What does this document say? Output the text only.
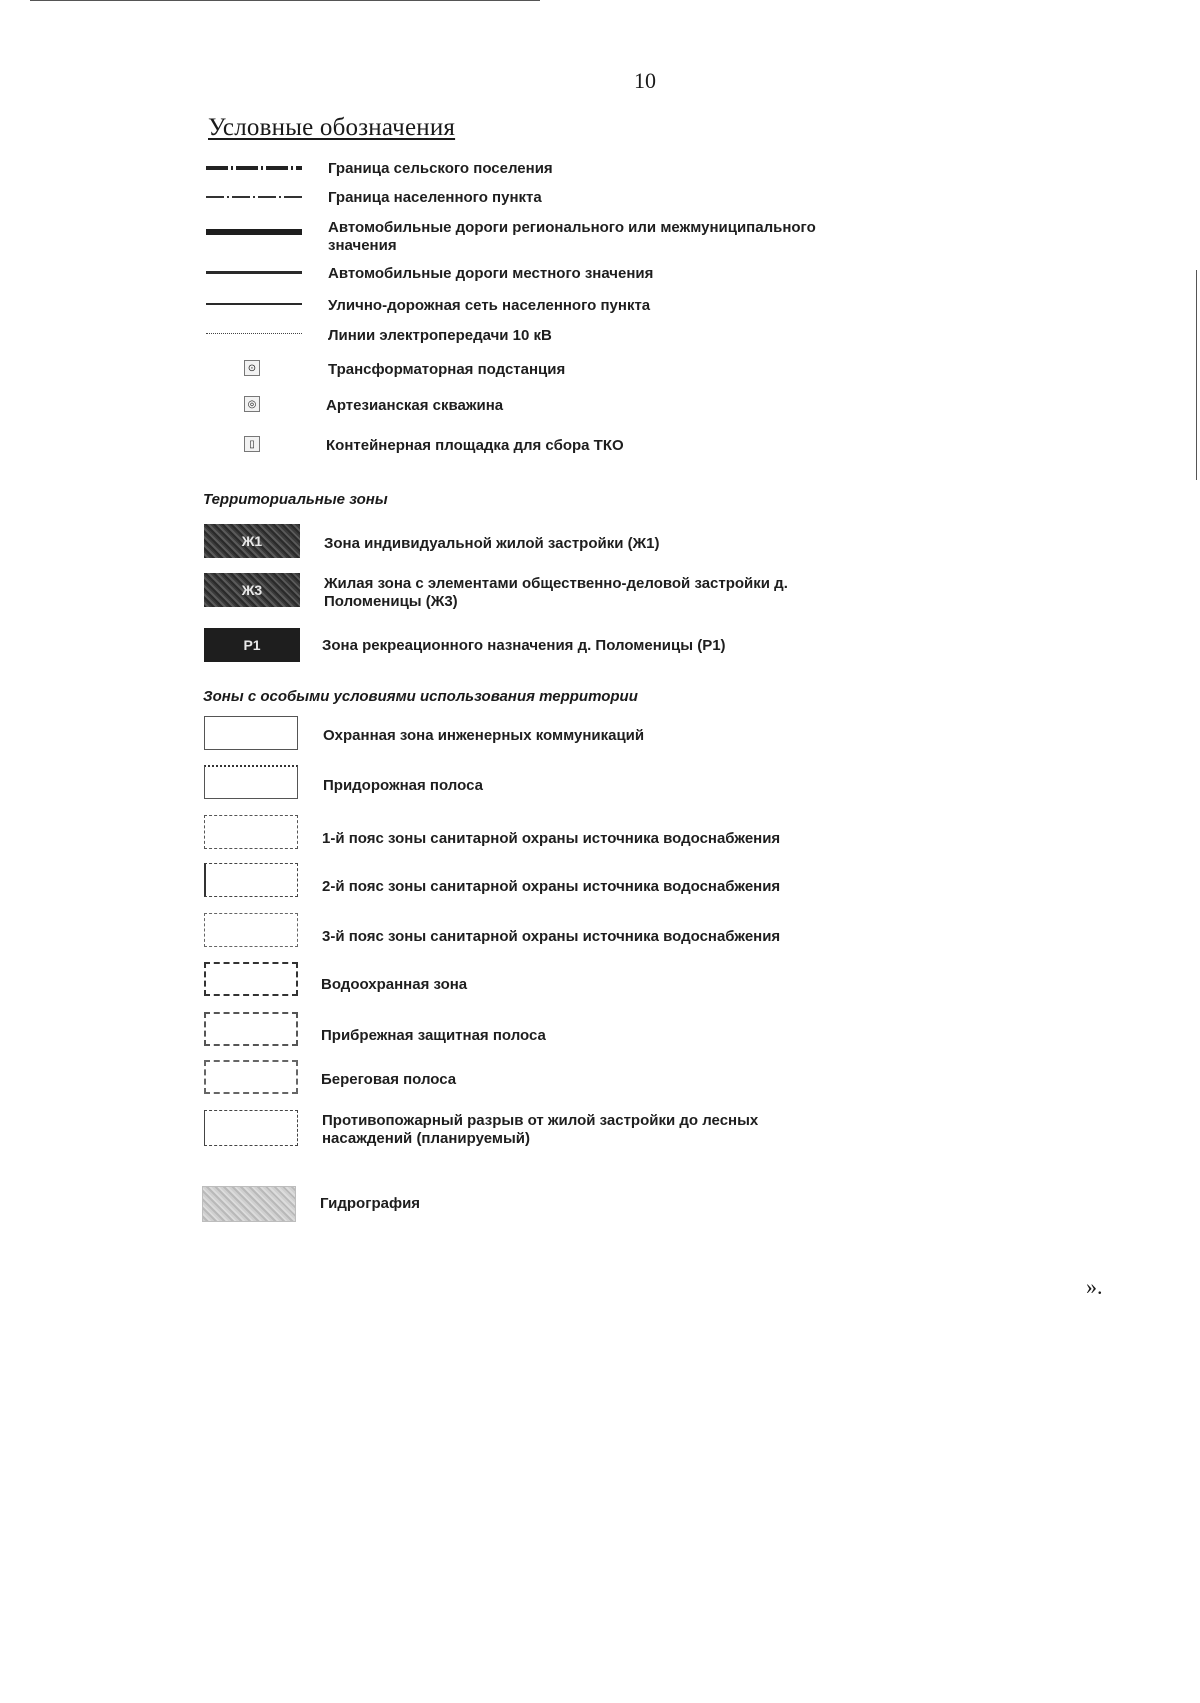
10
Условные обозначения
Граница сельского поселения
Граница населенного пункта
Автомобильные дороги регионального или межмуниципального значения
Автомобильные дороги местного значения
Улично-дорожная сеть населенного пункта
Линии электропередачи 10 кВ
⊙	Трансформаторная подстанция
◎	Артезианская скважина
▯	Контейнерная площадка для сбора ТКО
Территориальные зоны
Ж1	Зона индивидуальной жилой застройки (Ж1)
Ж3	Жилая зона с элементами общественно-деловой застройки д. Поломеницы (Ж3)
Р1	Зона рекреационного назначения д. Поломеницы (Р1)
Зоны с особыми условиями использования территории
Охранная зона инженерных коммуникаций
Придорожная полоса
1-й пояс зоны санитарной охраны источника водоснабжения
2-й пояс зоны санитарной охраны источника водоснабжения
3-й пояс зоны санитарной охраны источника водоснабжения
Водоохранная зона
Прибрежная защитная полоса
Береговая полоса
Противопожарный разрыв от жилой застройки до лесных насаждений (планируемый)
Гидрография
».
